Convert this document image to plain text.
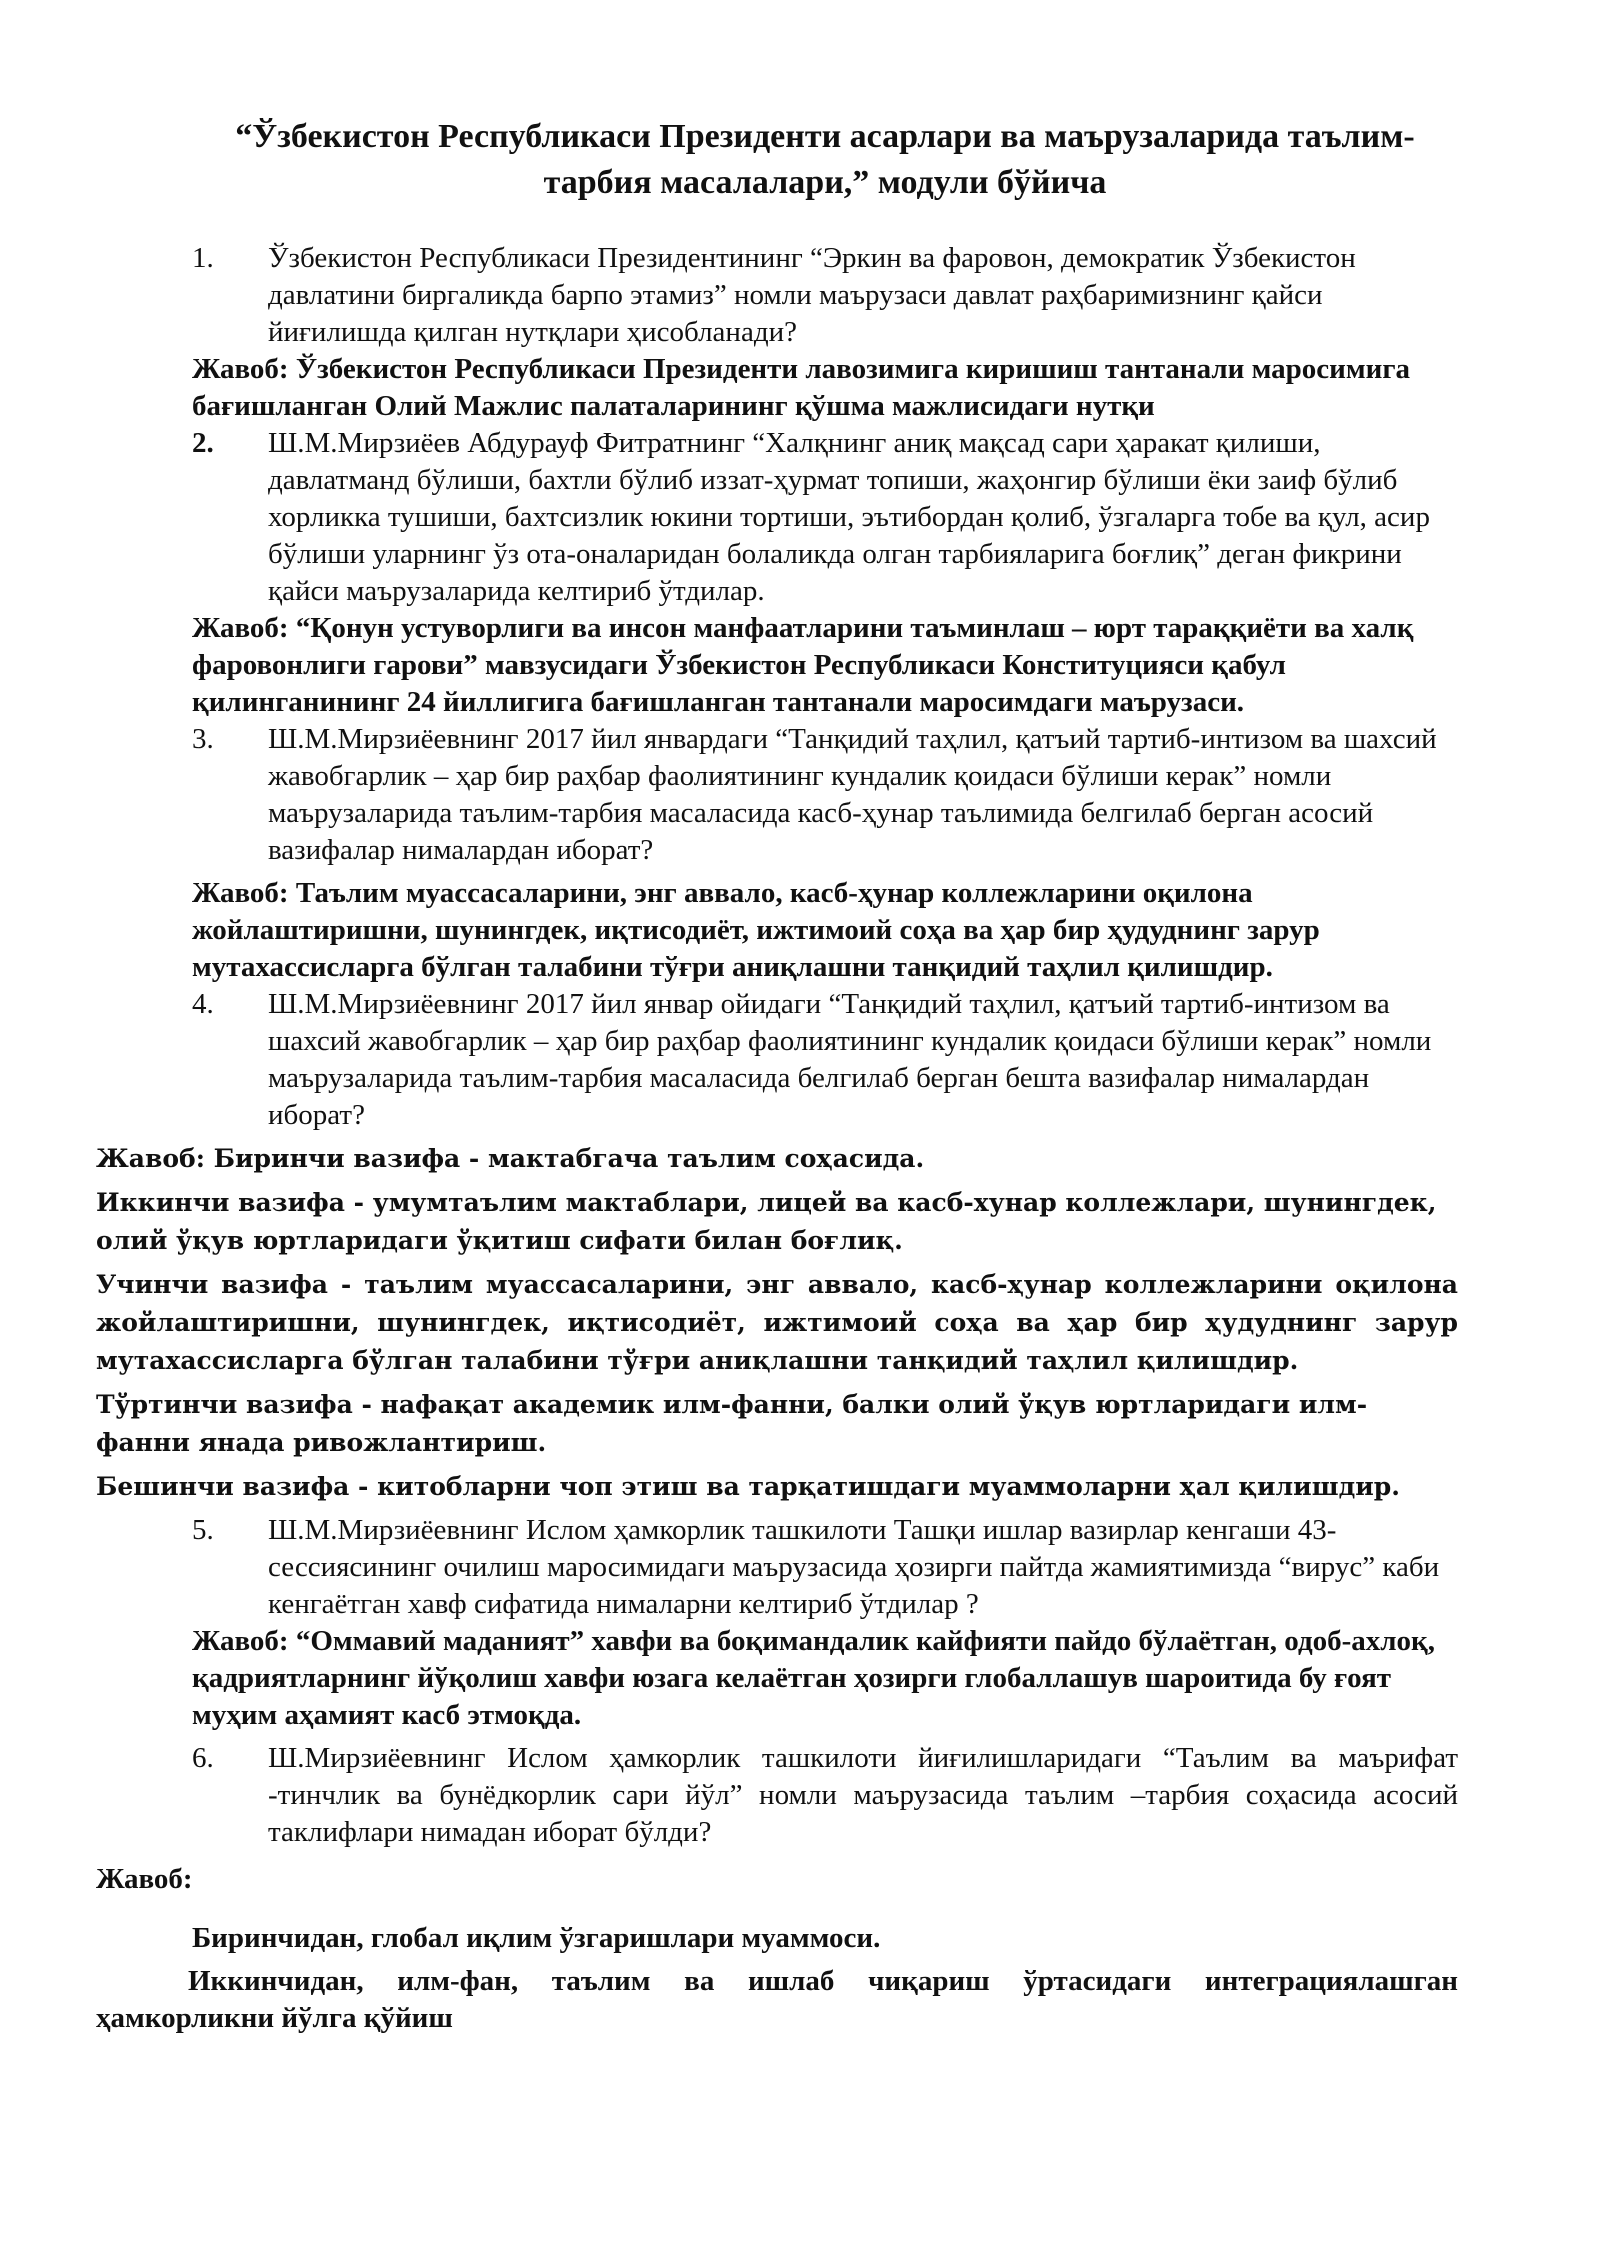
“Ўзбекистон Республикаси Президенти асарлари ва маърузаларида таълим-тарбия масалалари,” модули бўйича
1. Ўзбекистон Республикаси Президентининг “Эркин ва фаровон, демократик Ўзбекистон давлатини биргаликда барпо этамиз” номли маърузаси давлат раҳбаримизнинг қайси йиғилишда қилган нутқлари ҳисобланади?
Жавоб: Ўзбекистон Республикаси Президенти лавозимига киришиш тантанали маросимига бағишланган Олий Мажлис палаталарининг қўшма мажлисидаги нутқи
2. Ш.М.Мирзиёев Абдурауф Фитратнинг “Халқнинг аниқ мақсад сари ҳаракат қилиши, давлатманд бўлиши, бахтли бўлиб иззат-ҳурмат топиши, жаҳонгир бўлиши ёки заиф бўлиб хорликка тушиши, бахтсизлик юкини тортиши, эътибордан қолиб, ўзгаларга тобе ва қул, асир бўлиши уларнинг ўз ота-оналаридан болаликда олган тарбияларига боғлиқ” деган фикрини қайси маърузаларида келтириб ўтдилар.
Жавоб: “Қонун устуворлиги ва инсон манфаатларини таъминлаш – юрт тараққиёти ва халқ фаровонлиги гарови” мавзусидаги Ўзбекистон Республикаси Конституцияси қабул қилинганининг 24 йиллигига бағишланган тантанали маросимдаги маърузаси.
3. Ш.М.Мирзиёевнинг 2017 йил январдаги “Танқидий таҳлил, қатъий тартиб-интизом ва шахсий жавобгарлик – ҳар бир раҳбар фаолиятининг кундалик қоидаси бўлиши керак” номли маърузаларида таълим-тарбия масаласида касб-ҳунар таълимида белгилаб берган асосий вазифалар нималардан иборат?
Жавоб: Таълим муассасаларини, энг аввало, касб-ҳунар коллежларини оқилона жойлаштиришни, шунингдек, иқтисодиёт, ижтимоий соҳа ва ҳар бир ҳудуднинг зарур мутахассисларга бўлган талабини тўғри аниқлашни танқидий таҳлил қилишдир.
4. Ш.М.Мирзиёевнинг 2017 йил январ ойидаги “Танқидий таҳлил, қатъий тартиб-интизом ва шахсий жавобгарлик – ҳар бир раҳбар фаолиятининг кундалик қоидаси бўлиши керак” номли маърузаларида таълим-тарбия масаласида белгилаб берган бешта вазифалар нималардан иборат?
Жавоб: Биринчи вазифа - мактабгача таълим соҳасида.
Иккинчи вазифа - умумтаълим мактаблари, лицей ва касб-хунар коллежлари, шунингдек, олий ўқув юртларидаги ўқитиш сифати билан боғлиқ.
Учинчи вазифа - таълим муассасаларини, энг аввало, касб-ҳунар коллежларини оқилона жойлаштиришни, шунингдек, иқтисодиёт, ижтимоий соҳа ва ҳар бир ҳудуднинг зарур мутахассисларга бўлган талабини тўғри аниқлашни танқидий таҳлил қилишдир.
Тўртинчи вазифа - нафақат академик илм-фанни, балки олий ўқув юртларидаги илм-фанни янада ривожлантириш.
Бешинчи вазифа - китобларни чоп этиш ва тарқатишдаги муаммоларни ҳал қилишдир.
5. Ш.М.Мирзиёевнинг Ислом ҳамкорлик ташкилоти Ташқи ишлар вазирлар кенгаши 43-сессиясининг очилиш маросимидаги маърузасида ҳозирги пайтда жамиятимизда “вирус” каби кенгаётган хавф сифатида нималарни келтириб ўтдилар ?
Жавоб: “Оммавий маданият” хавфи ва боқимандалик кайфияти пайдо бўлаётган, одоб-ахлоқ, қадриятларнинг йўқолиш хавфи юзага келаётган ҳозирги глобаллашув шароитида бу ғоят муҳим аҳамият касб этмоқда.
6. Ш.Мирзиёевнинг Ислом ҳамкорлик ташкилоти йиғилишларидаги “Таълим ва маърифат -тинчлик ва бунёдкорлик сари йўл” номли маърузасида таълим –тарбия соҳасида асосий таклифлари нимадан иборат бўлди?
Жавоб:
Биринчидан, глобал иқлим ўзгаришлари муаммоси.
Иккинчидан, илм-фан, таълим ва ишлаб чиқариш ўртасидаги интеграциялашган ҳамкорликни йўлга қўйиш
